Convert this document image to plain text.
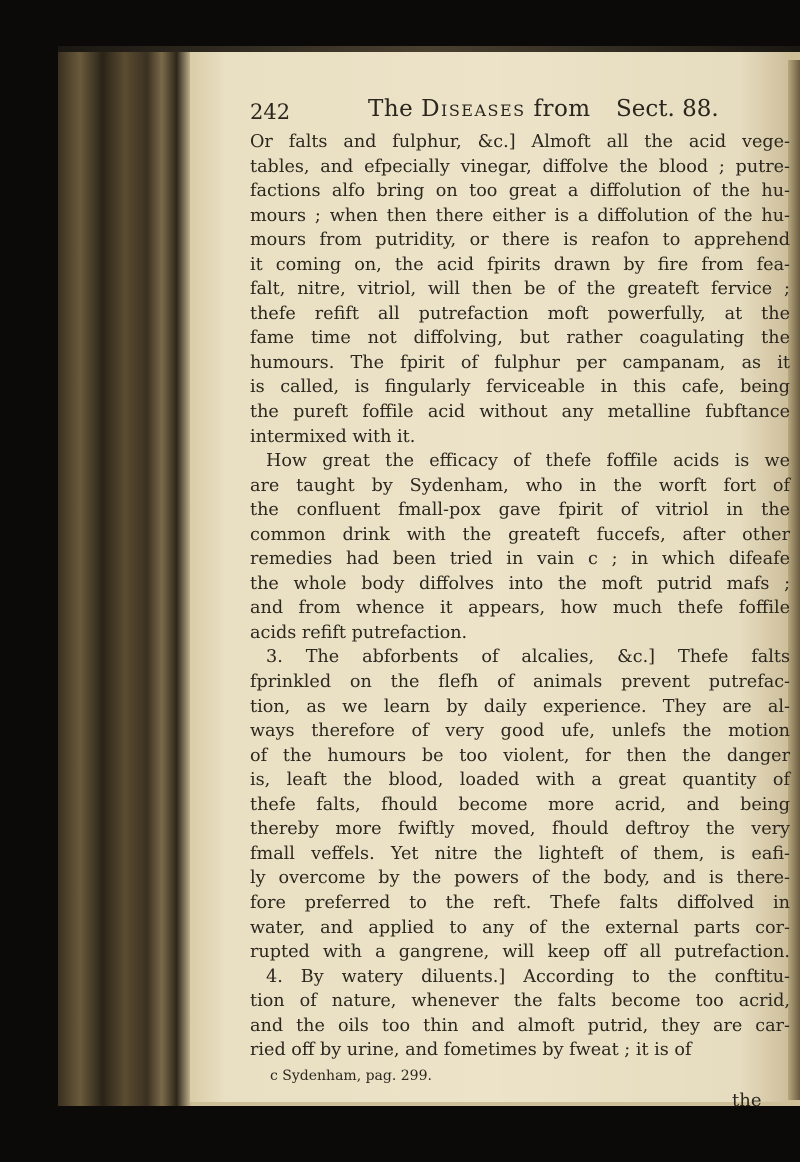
242	The Diseases from Sect. 88.
Or falts and fulphur, &c.] Almoft all the acid vege-
tables, and efpecially vinegar, diffolve the blood ; putre-
factions alfo bring on too great a diffolution of the hu-
mours ; when then there either is a diffolution of the hu-
mours from putridity, or there is reafon to apprehend
it coming on, the acid fpirits drawn by fire from fea-
falt, nitre, vitriol, will then be of the greateft fervice ;
thefe refift all putrefaction moft powerfully, at the
fame time not diffolving, but rather coagulating the
humours. The fpirit of fulphur per campanam, as it
is called, is fingularly ferviceable in this cafe, being
the pureft foffile acid without any metalline fubftance
intermixed with it.
How great the efficacy of thefe foffile acids is we
are taught by Sydenham, who in the worft fort of
the confluent fmall-pox gave fpirit of vitriol in the
common drink with the greateft fuccefs, after other
remedies had been tried in vain c ; in which difeafe
the whole body diffolves into the moft putrid mafs ;
and from whence it appears, how much thefe foffile
acids refift putrefaction.
3. The abforbents of alcalies, &c.] Thefe falts
fprinkled on the flefh of animals prevent putrefac-
tion, as we learn by daily experience. They are al-
ways therefore of very good ufe, unlefs the motion
of the humours be too violent, for then the danger
is, leaft the blood, loaded with a great quantity of
thefe falts, fhould become more acrid, and being
thereby more fwiftly moved, fhould deftroy the very
fmall veffels. Yet nitre the lighteft of them, is eafi-
ly overcome by the powers of the body, and is there-
fore preferred to the reft. Thefe falts diffolved in
water, and applied to any of the external parts cor-
rupted with a gangrene, will keep off all putrefaction.
4. By watery diluents.] According to the conftitu-
tion of nature, whenever the falts become too acrid,
and the oils too thin and almoft putrid, they are car-
ried off by urine, and fometimes by fweat ; it is of
c Sydenham, pag. 299.
the
